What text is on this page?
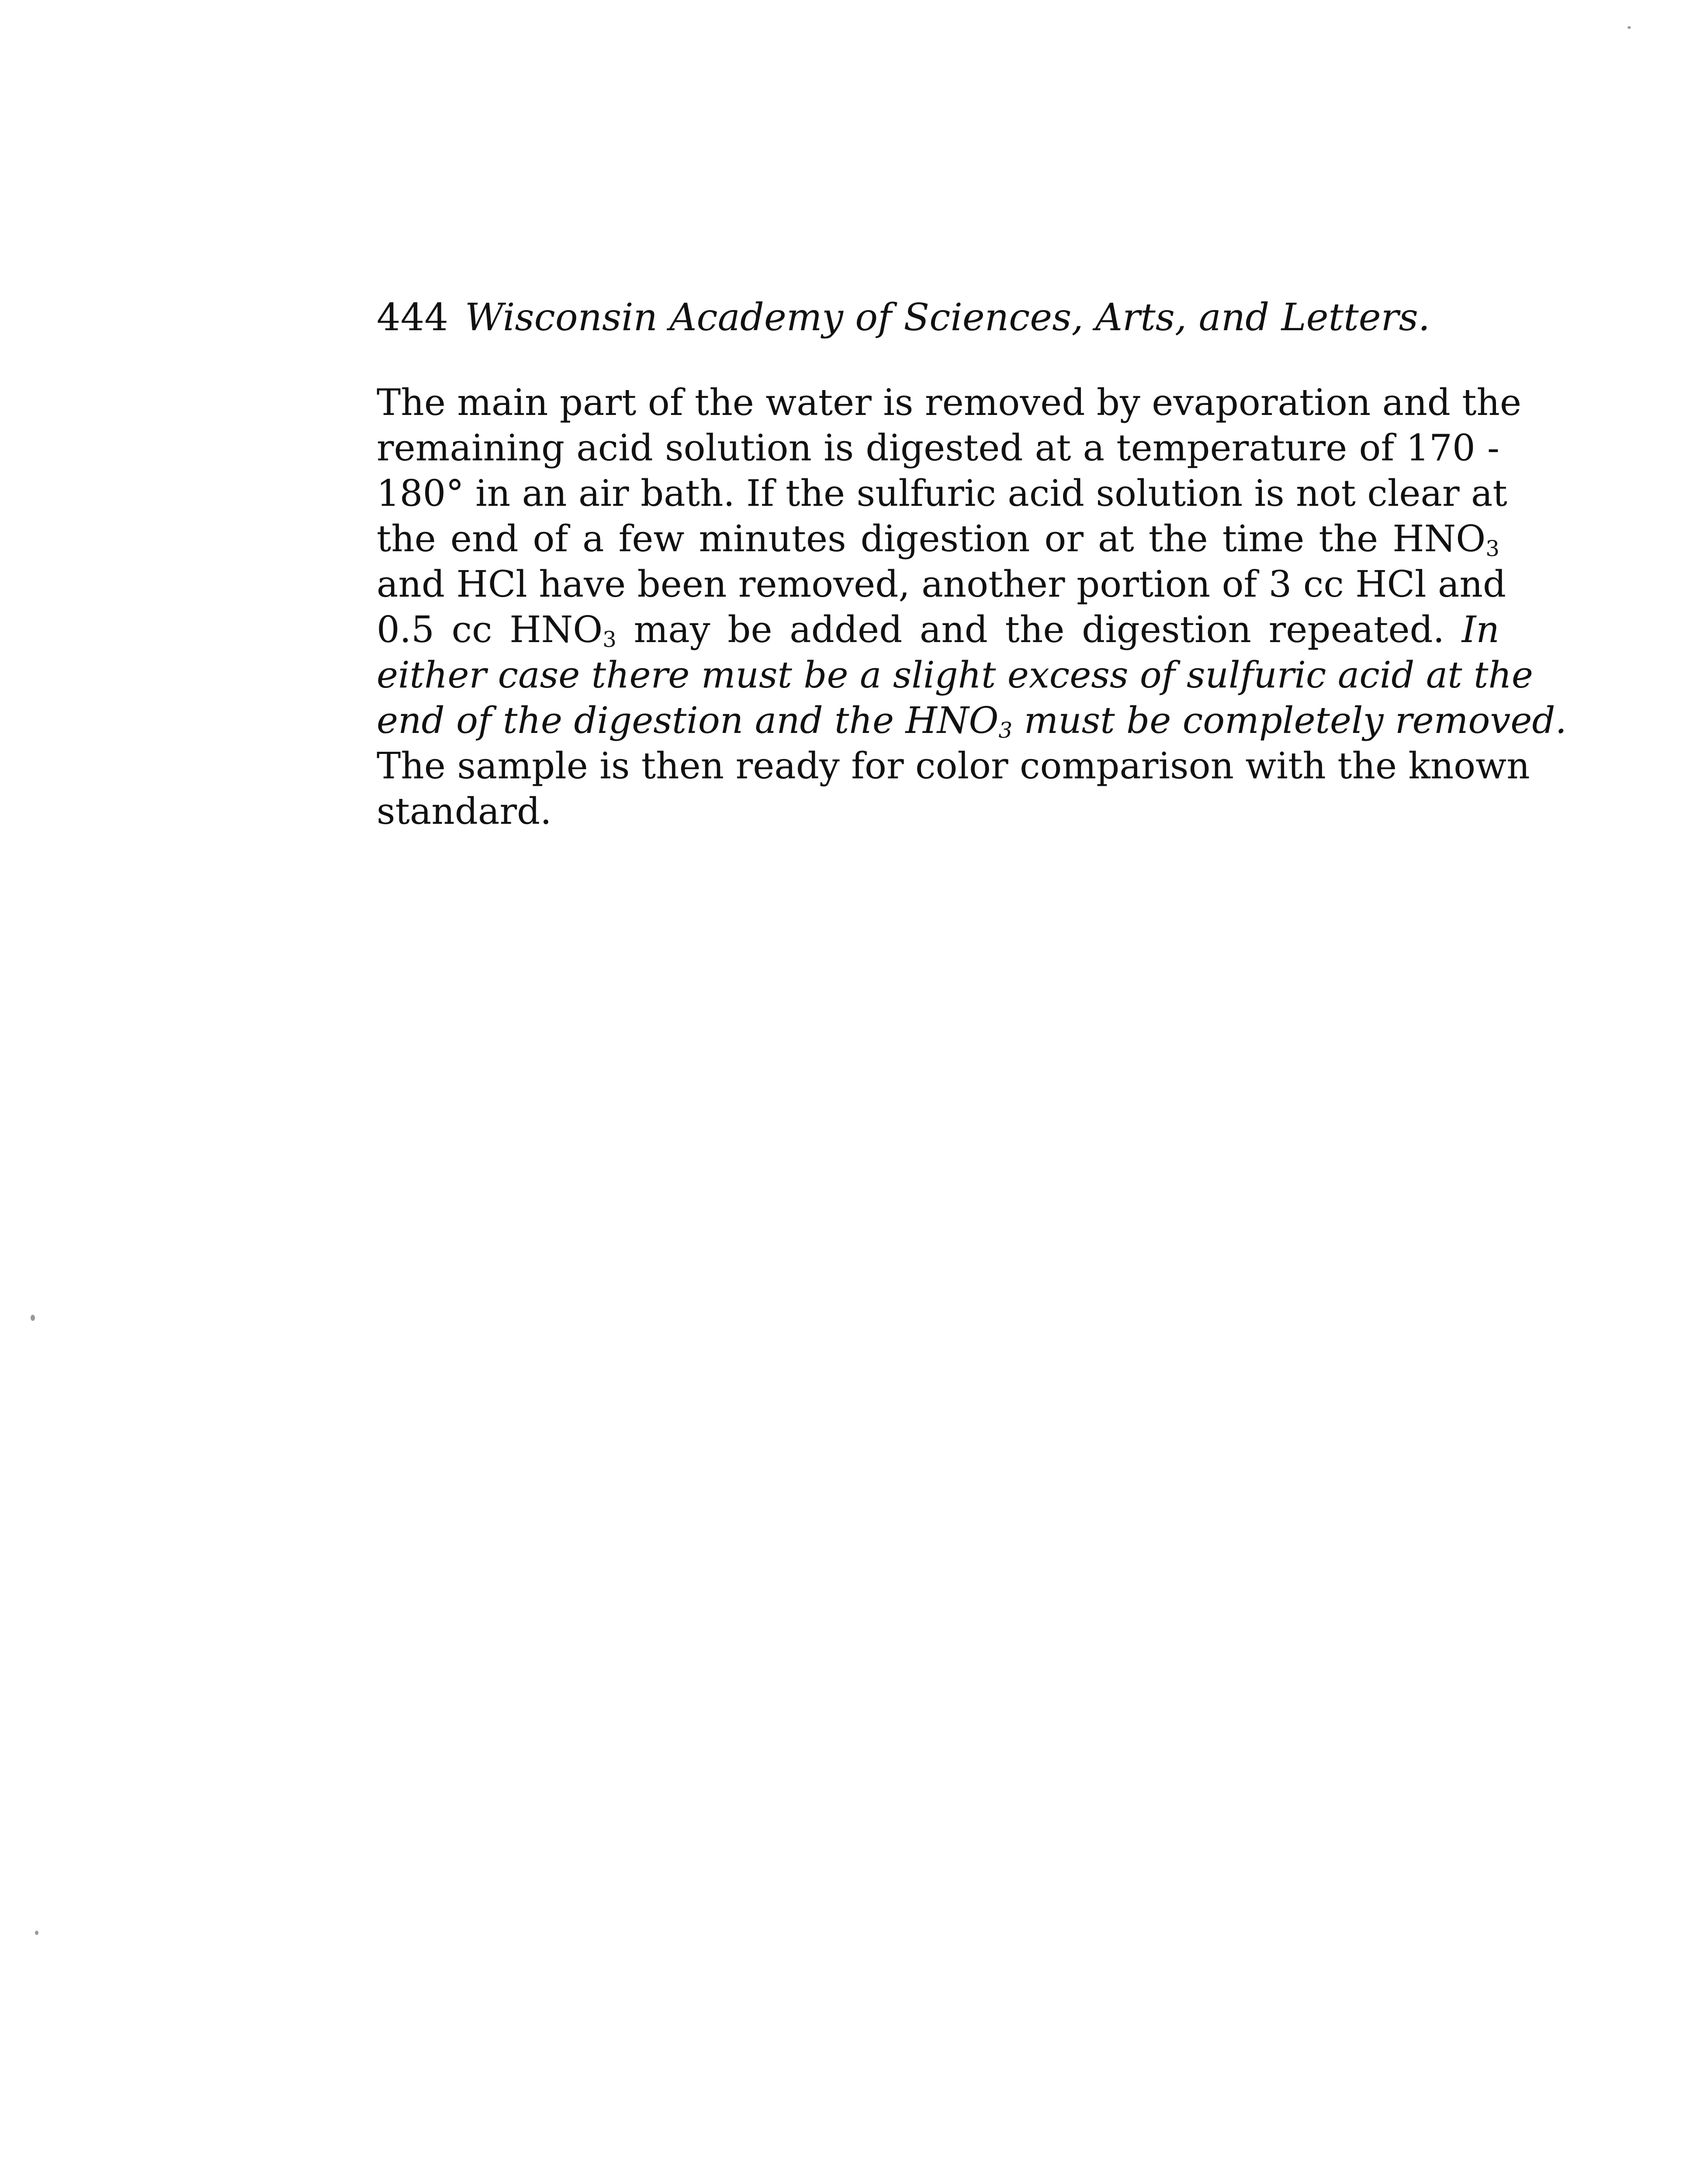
444 Wisconsin Academy of Sciences, Arts, and Letters.
The main part of the water is removed by evaporation and the
remaining acid solution is digested at a temperature of 170 -
180° in an air bath. If the sulfuric acid solution is not clear at
the end of a few minutes digestion or at the time the $HNO_3$
and HCl have been removed, another portion of 3 cc HCl and
0.5 cc $HNO_3$ may be added and the digestion repeated. In
either case there must be a slight excess of sulfuric acid at the
end of the digestion and the $HNO_3$ must be completely removed.
The sample is then ready for color comparison with the known
standard.
